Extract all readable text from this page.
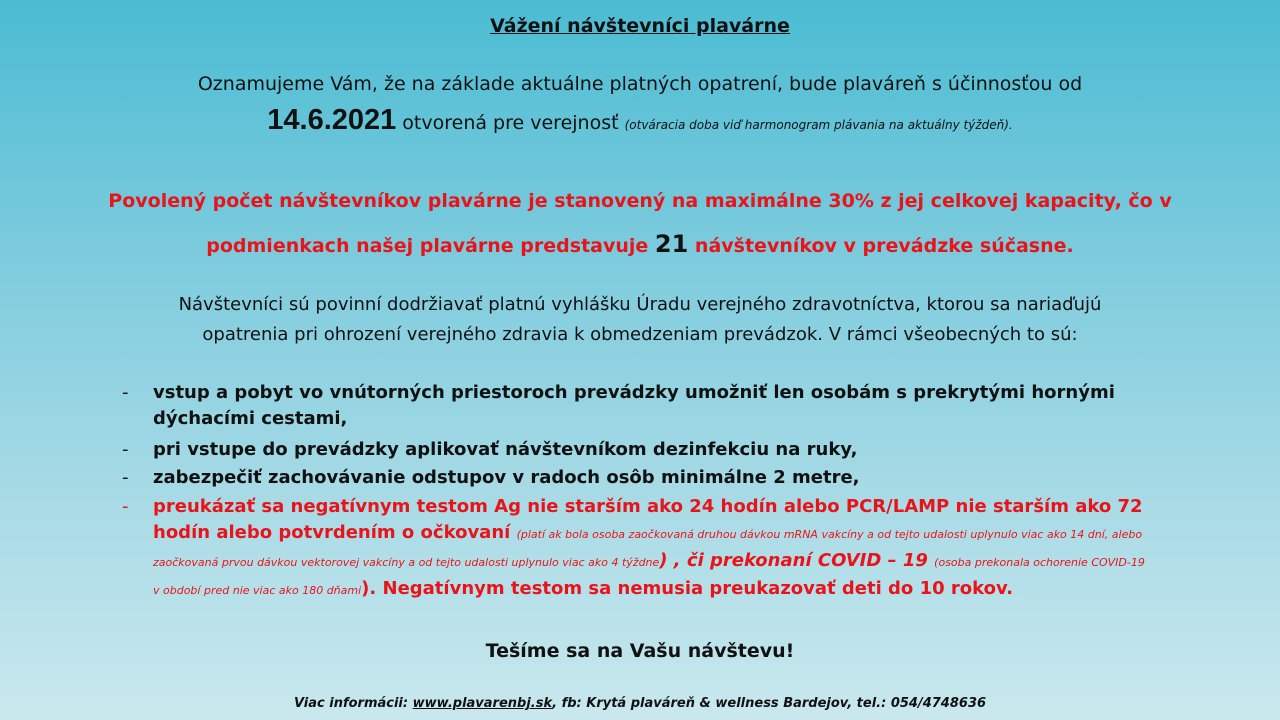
Vážení návštevníci plavárne
Oznamujeme Vám, že na základe aktuálne platných opatrení, bude plaváreň s účinnosťou od
14.6.2021 otvorená pre verejnosť (otváracia doba viď harmonogram plávania na aktuálny týždeň).
Povolený počet návštevníkov plavárne je stanovený na maximálne 30% z jej celkovej kapacity, čo v
podmienkach našej plavárne predstavuje 21 návštevníkov v prevádzke súčasne.
Návštevníci sú povinní dodržiavať platnú vyhlášku Úradu verejného zdravotníctva, ktorou sa nariaďujú
opatrenia pri ohrození verejného zdravia k obmedzeniam prevádzok. V rámci všeobecných to sú:
- vstup a pobyt vo vnútorných priestoroch prevádzky umožniť len osobám s prekrytými hornými dýchacími cestami,
- pri vstupe do prevádzky aplikovať návštevníkom dezinfekciu na ruky,
- zabezpečiť zachovávanie odstupov v radoch osôb minimálne 2 metre,
- preukázať sa negatívnym testom Ag nie starším ako 24 hodín alebo PCR/LAMP nie starším ako 72 hodín alebo potvrdením o očkovaní (platí ak bola osoba zaočkovaná druhou dávkou mRNA vakcíny a od tejto udalosti uplynulo viac ako 14 dní, alebo zaočkovaná prvou dávkou vektorovej vakcíny a od tejto udalosti uplynulo viac ako 4 týždne) , či prekonaní COVID – 19 (osoba prekonala ochorenie COVID-19 v období pred nie viac ako 180 dňami). Negatívnym testom sa nemusia preukazovať deti do 10 rokov.
Tešíme sa na Vašu návštevu!
Viac informácii: www.plavarenbj.sk, fb: Krytá plaváreň & wellness Bardejov, tel.: 054/4748636
